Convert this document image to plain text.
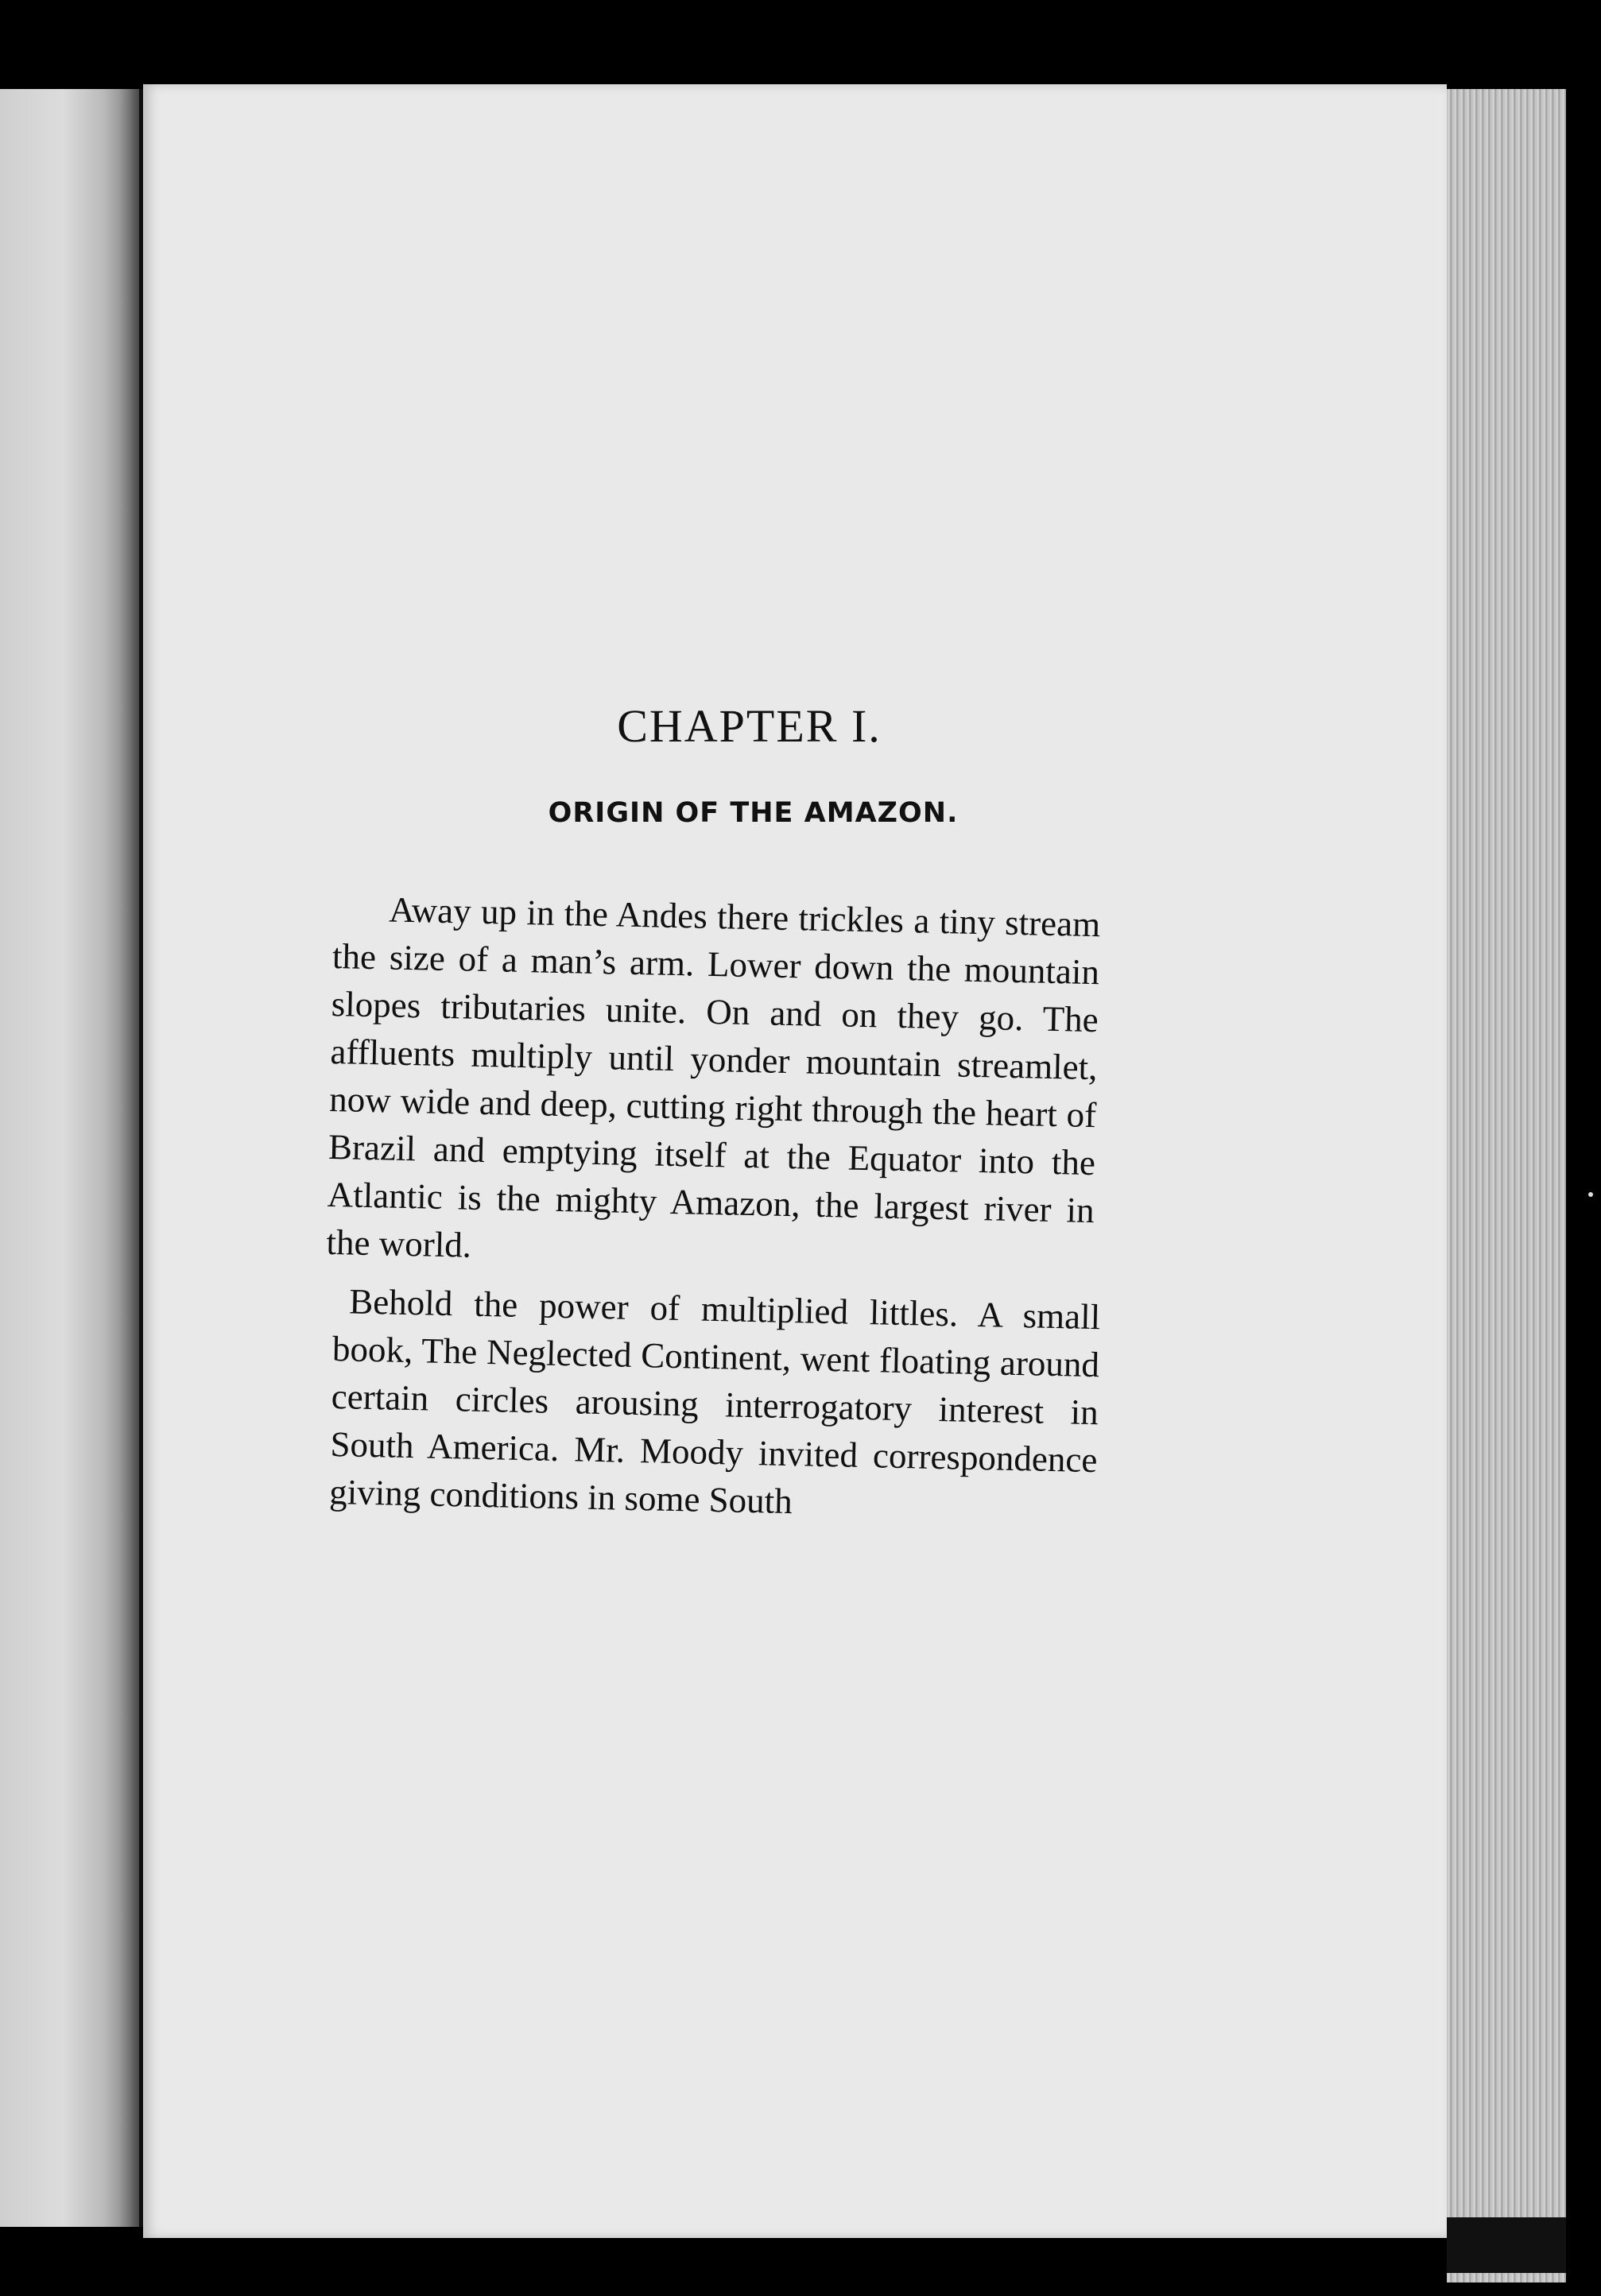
CHAPTER I.
ORIGIN OF THE AMAZON.

Away up in the Andes there trickles a tiny stream the size of a man’s arm. Lower down the mountain slopes tributaries unite. On and on they go. The affluents multiply until yonder mountain streamlet, now wide and deep, cutting right through the heart of Brazil and emptying itself at the Equator into the Atlantic is the mighty Amazon, the largest river in the world.

Behold the power of multiplied littles. A small book, The Neglected Continent, went floating around certain circles arousing interrogatory interest in South America. Mr. Moody invited correspondence giving conditions in some South
